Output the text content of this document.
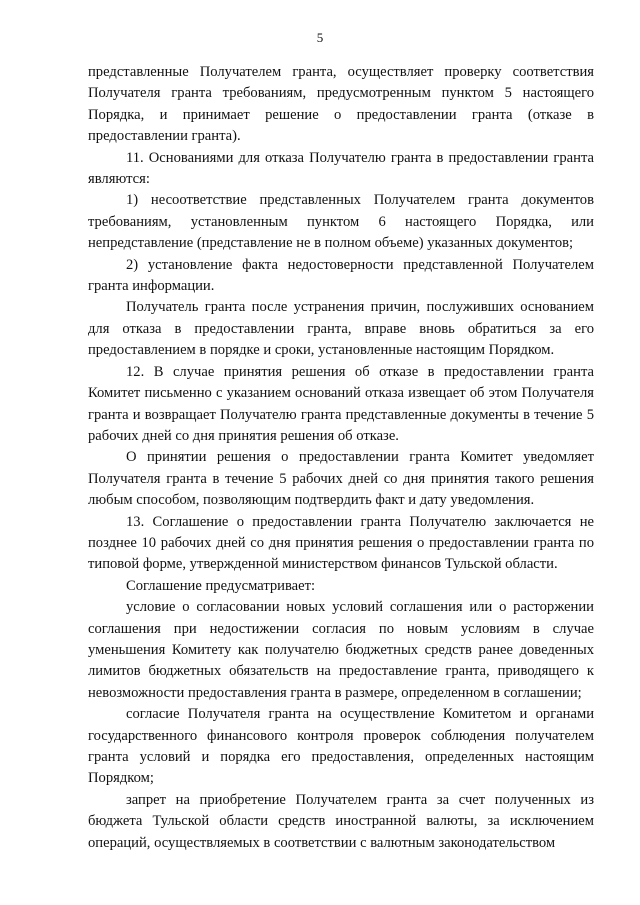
5

представленные Получателем гранта, осуществляет проверку соответствия Получателя гранта требованиям, предусмотренным пунктом 5 настоящего Порядка, и принимает решение о предоставлении гранта (отказе в предоставлении гранта).

11. Основаниями для отказа Получателю гранта в предоставлении гранта являются:

1) несоответствие представленных Получателем гранта документов требованиям, установленным пунктом 6 настоящего Порядка, или непредставление (представление не в полном объеме) указанных документов;

2) установление факта недостоверности представленной Получателем гранта информации.

Получатель гранта после устранения причин, послуживших основанием для отказа в предоставлении гранта, вправе вновь обратиться за его предоставлением в порядке и сроки, установленные настоящим Порядком.

12. В случае принятия решения об отказе в предоставлении гранта Комитет письменно с указанием оснований отказа извещает об этом Получателя гранта и возвращает Получателю гранта представленные документы в течение 5 рабочих дней со дня принятия решения об отказе.

О принятии решения о предоставлении гранта Комитет уведомляет Получателя гранта в течение 5 рабочих дней со дня принятия такого решения любым способом, позволяющим подтвердить факт и дату уведомления.

13. Соглашение о предоставлении гранта Получателю заключается не позднее 10 рабочих дней со дня принятия решения о предоставлении гранта по типовой форме, утвержденной министерством финансов Тульской области.

Соглашение предусматривает:

условие о согласовании новых условий соглашения или о расторжении соглашения при недостижении согласия по новым условиям в случае уменьшения Комитету как получателю бюджетных средств ранее доведенных лимитов бюджетных обязательств на предоставление гранта, приводящего к невозможности предоставления гранта в размере, определенном в соглашении;

согласие Получателя гранта на осуществление Комитетом и органами государственного финансового контроля проверок соблюдения получателем гранта условий и порядка его предоставления, определенных настоящим Порядком;

запрет на приобретение Получателем гранта за счет полученных из бюджета Тульской области средств иностранной валюты, за исключением операций, осуществляемых в соответствии с валютным законодательством
